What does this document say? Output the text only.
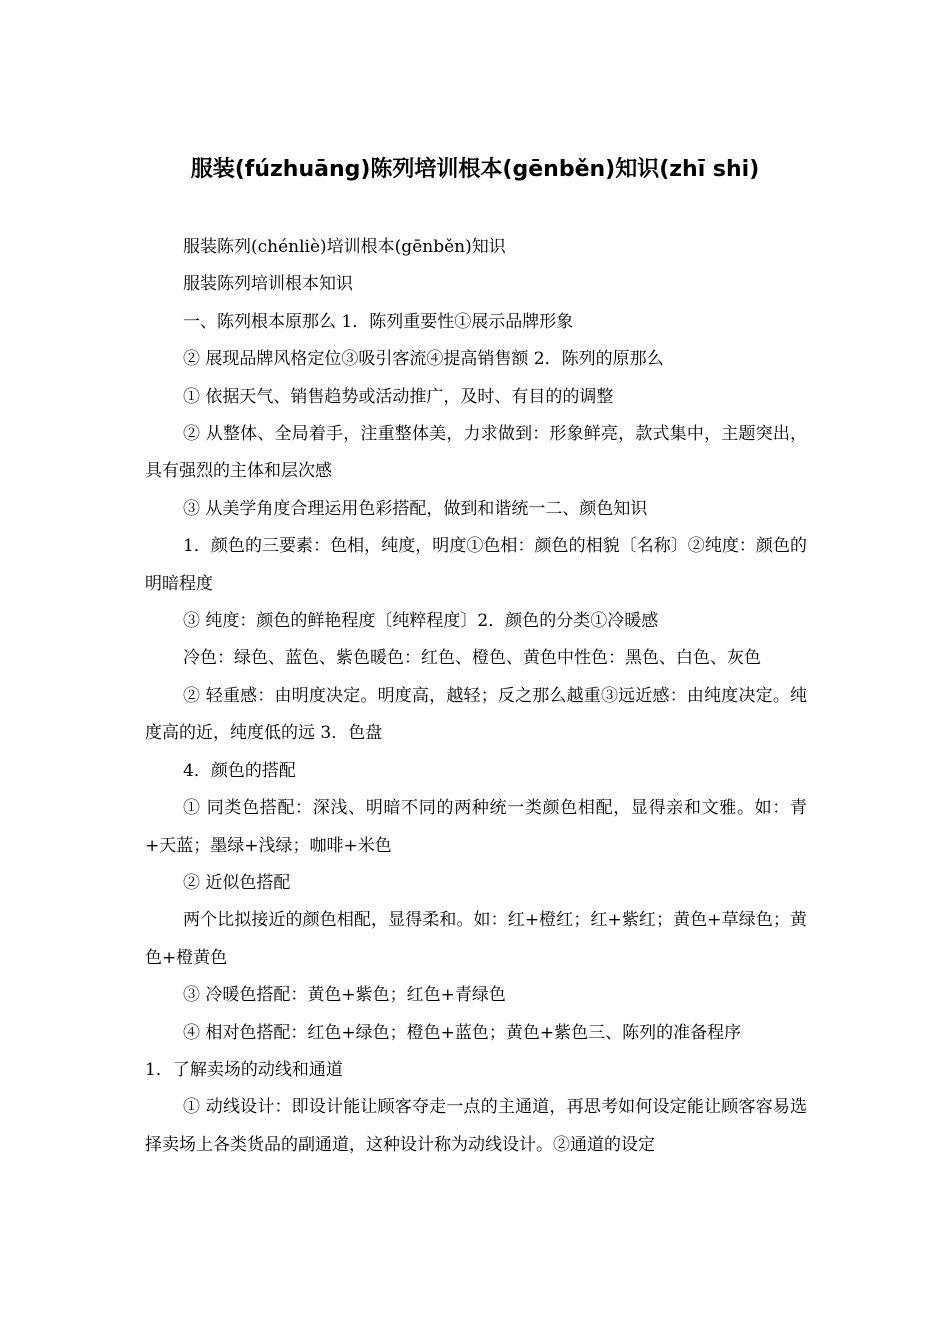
服装(fúzhuāng)陈列培训根本(gēnběn)知识(zhī shi)

服装陈列(chénliè)培训根本(gēnběn)知识

服装陈列培训根本知识

一、陈列根本原那么 1．陈列重要性①展示品牌形象

② 展现品牌风格定位③吸引客流④提高销售额 2．陈列的原那么

① 依据天气、销售趋势或活动推广，及时、有目的的调整

② 从整体、全局着手，注重整体美，力求做到：形象鲜亮，款式集中，主题突出，具有强烈的主体和层次感

③ 从美学角度合理运用色彩搭配，做到和谐统一二、颜色知识

1．颜色的三要素：色相，纯度，明度①色相：颜色的相貌〔名称〕②纯度：颜色的明暗程度

③ 纯度：颜色的鲜艳程度〔纯粹程度〕2．颜色的分类①冷暖感

冷色：绿色、蓝色、紫色暖色：红色、橙色、黄色中性色：黑色、白色、灰色

② 轻重感：由明度决定。明度高，越轻；反之那么越重③远近感：由纯度决定。纯度高的近，纯度低的远 3．色盘

4．颜色的搭配

① 同类色搭配：深浅、明暗不同的两种统一类颜色相配，显得亲和文雅。如：青+天蓝；墨绿+浅绿；咖啡+米色

② 近似色搭配

两个比拟接近的颜色相配，显得柔和。如：红+橙红；红+紫红；黄色+草绿色；黄色+橙黄色

③ 冷暖色搭配：黄色+紫色；红色+青绿色

④ 相对色搭配：红色+绿色；橙色+蓝色；黄色+紫色三、陈列的准备程序

1．了解卖场的动线和通道

① 动线设计：即设计能让顾客夺走一点的主通道，再思考如何设定能让顾客容易选择卖场上各类货品的副通道，这种设计称为动线设计。②通道的设定
